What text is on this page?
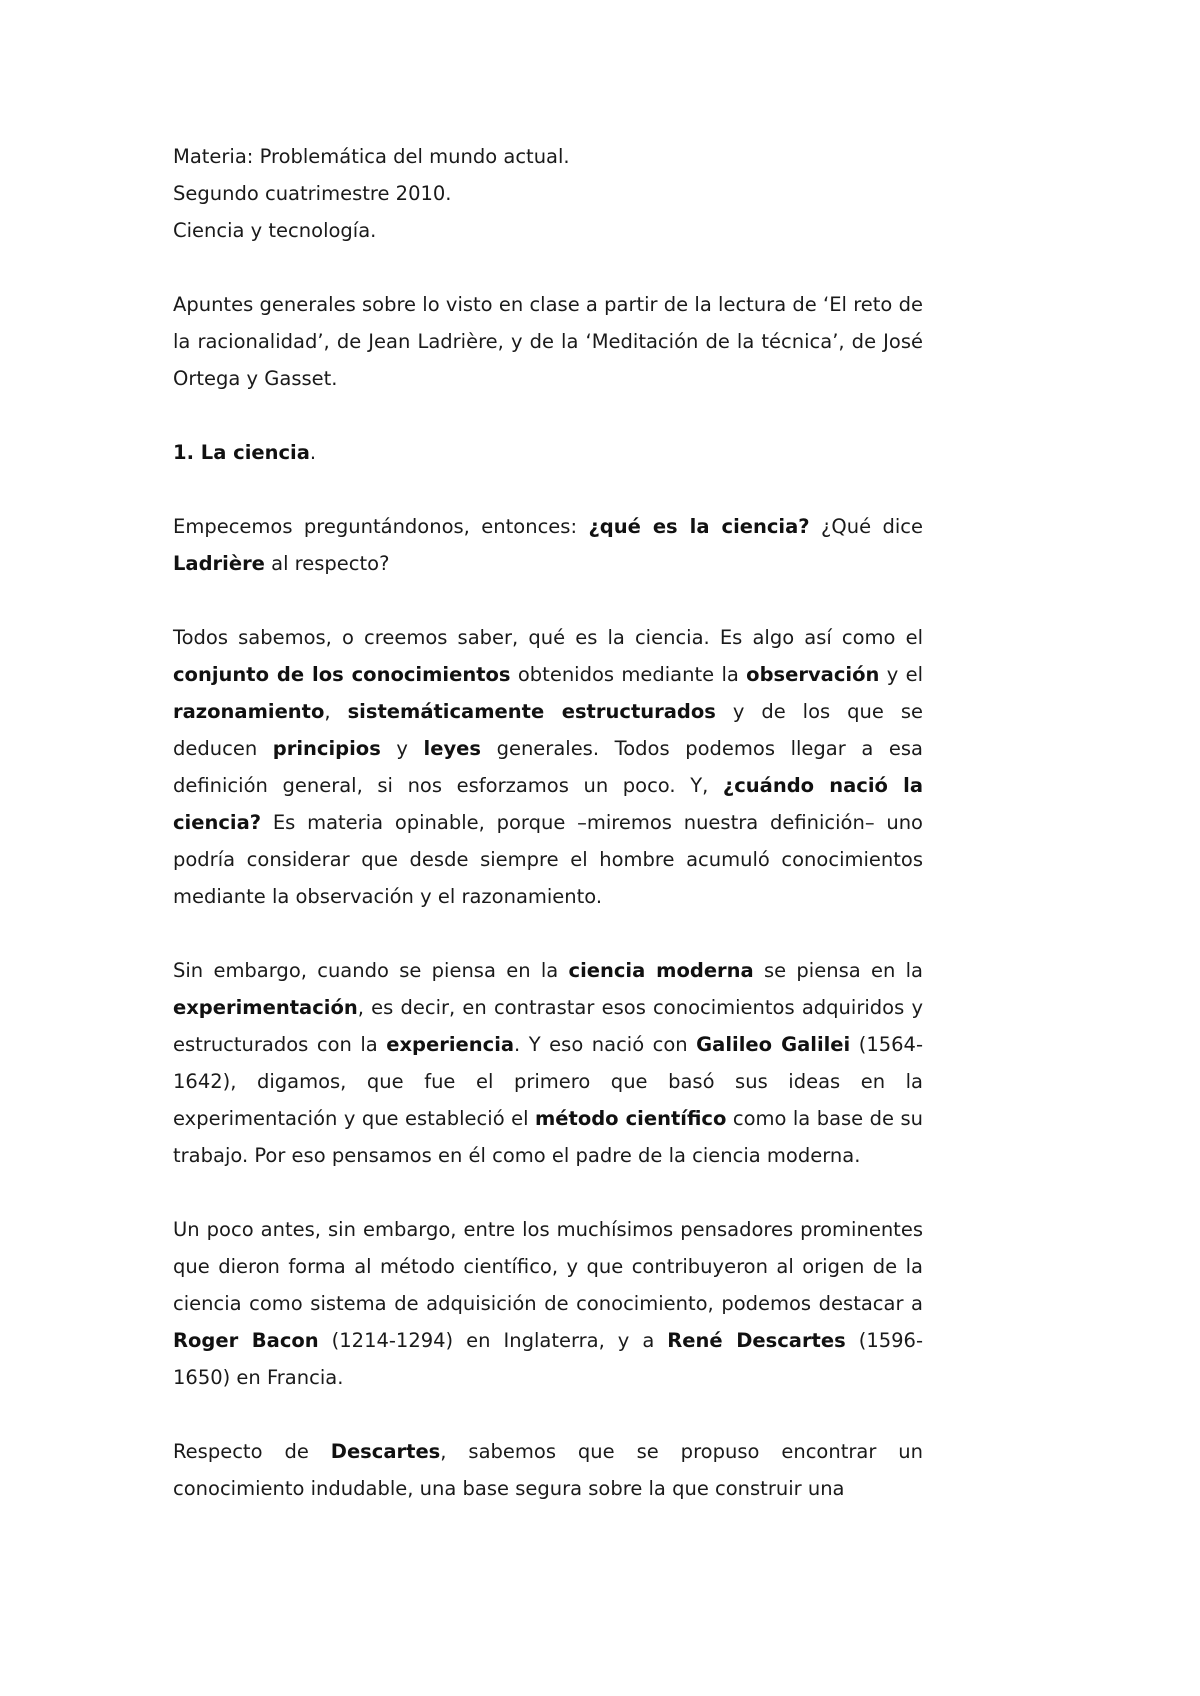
Materia: Problemática del mundo actual.

Segundo cuatrimestre 2010.

Ciencia y tecnología.

Apuntes generales sobre lo visto en clase a partir de la lectura de ‘El reto de la racionalidad’, de Jean Ladrière, y de la ‘Meditación de la técnica’, de José Ortega y Gasset.

1. La ciencia.

Empecemos preguntándonos, entonces: ¿qué es la ciencia? ¿Qué dice Ladrière al respecto?

Todos sabemos, o creemos saber, qué es la ciencia. Es algo así como el conjunto de los conocimientos obtenidos mediante la observación y el razonamiento, sistemáticamente estructurados y de los que se deducen principios y leyes generales. Todos podemos llegar a esa definición general, si nos esforzamos un poco. Y, ¿cuándo nació la ciencia? Es materia opinable, porque –miremos nuestra definición– uno podría considerar que desde siempre el hombre acumuló conocimientos mediante la observación y el razonamiento.

Sin embargo, cuando se piensa en la ciencia moderna se piensa en la experimentación, es decir, en contrastar esos conocimientos adquiridos y estructurados con la experiencia. Y eso nació con Galileo Galilei (1564-1642), digamos, que fue el primero que basó sus ideas en la experimentación y que estableció el método científico como la base de su trabajo. Por eso pensamos en él como el padre de la ciencia moderna.

Un poco antes, sin embargo, entre los muchísimos pensadores prominentes que dieron forma al método científico, y que contribuyeron al origen de la ciencia como sistema de adquisición de conocimiento, podemos destacar a Roger Bacon (1214-1294) en Inglaterra, y a René Descartes (1596- 1650) en Francia.

Respecto de Descartes, sabemos que se propuso encontrar un conocimiento indudable, una base segura sobre la que construir una
